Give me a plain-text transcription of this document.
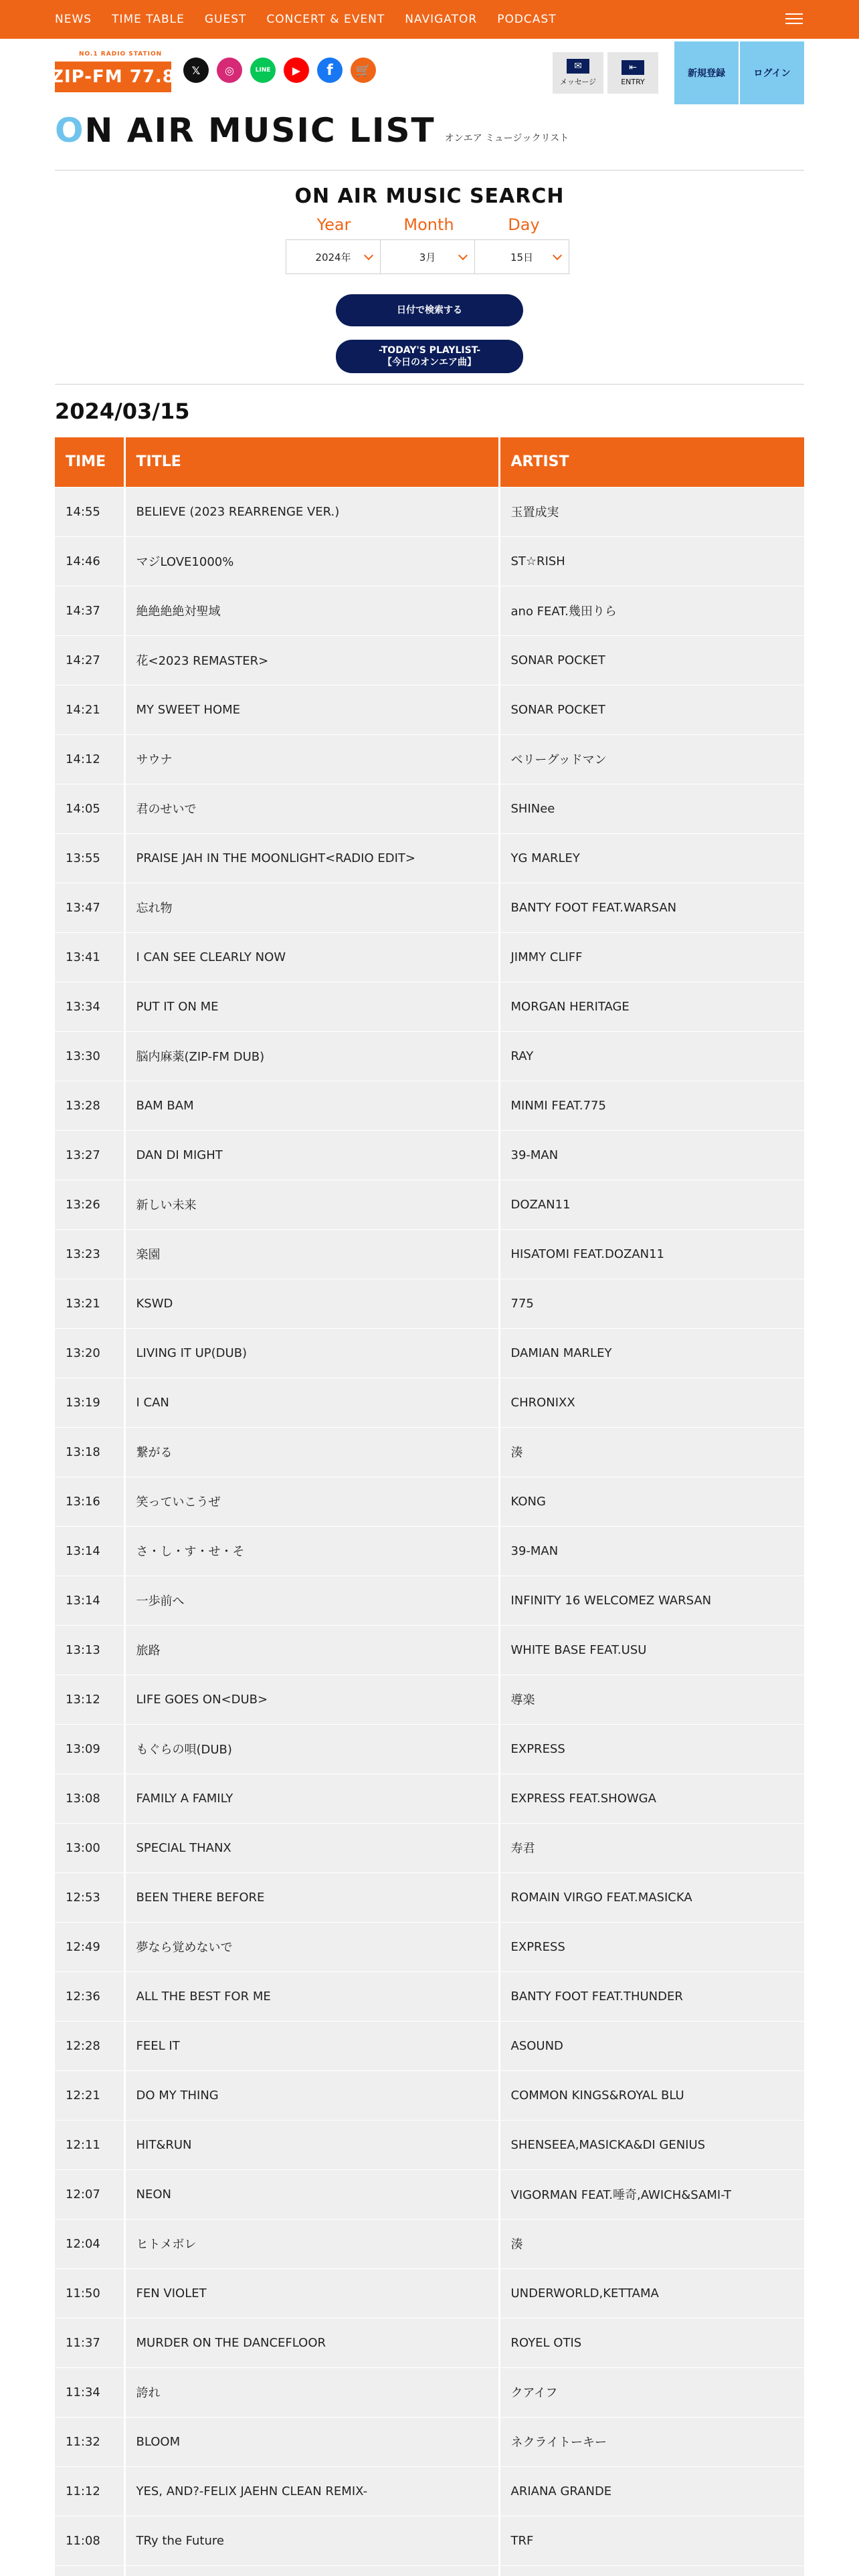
NEWS TIME TABLE GUEST CONCERT & EVENT NAVIGATOR PODCAST
NO.1 RADIO STATION
ZIP-FM 77.8	𝕏	◎	LINE	▶	f	🛒	✉
メッセージ
⇤
ENTRY
新規登録	ログイン
ON AIR MUSIC LIST オンエア ミュージックリスト
ON AIR MUSIC SEARCH
Year	Month	Day
2024年	3月	15日
日付で検索する
-TODAY'S PLAYLIST-
【今日のオンエア曲】
2024/03/15
TIME	TITLE	ARTIST
14:55	BELIEVE (2023 REARRENGE VER.)	玉置成実
14:46	マジLOVE1000%	ST☆RISH
14:37	絶絶絶絶対聖域	ano FEAT.幾田りら
14:27	花<2023 REMASTER>	SONAR POCKET
14:21	MY SWEET HOME	SONAR POCKET
14:12	サウナ	ベリーグッドマン
14:05	君のせいで	SHINee
13:55	PRAISE JAH IN THE MOONLIGHT<RADIO EDIT>	YG MARLEY
13:47	忘れ物	BANTY FOOT FEAT.WARSAN
13:41	I CAN SEE CLEARLY NOW	JIMMY CLIFF
13:34	PUT IT ON ME	MORGAN HERITAGE
13:30	脳内麻薬(ZIP-FM DUB)	RAY
13:28	BAM BAM	MINMI FEAT.775
13:27	DAN DI MIGHT	39-MAN
13:26	新しい未来	DOZAN11
13:23	楽園	HISATOMI FEAT.DOZAN11
13:21	KSWD	775
13:20	LIVING IT UP(DUB)	DAMIAN MARLEY
13:19	I CAN	CHRONIXX
13:18	繋がる	湊
13:16	笑っていこうぜ	KONG
13:14	さ・し・す・せ・そ	39-MAN
13:14	一歩前へ	INFINITY 16 WELCOMEZ WARSAN
13:13	旅路	WHITE BASE FEAT.USU
13:12	LIFE GOES ON<DUB>	導楽
13:09	もぐらの唄(DUB)	EXPRESS
13:08	FAMILY A FAMILY	EXPRESS FEAT.SHOWGA
13:00	SPECIAL THANX	寿君
12:53	BEEN THERE BEFORE	ROMAIN VIRGO FEAT.MASICKA
12:49	夢なら覚めないで	EXPRESS
12:36	ALL THE BEST FOR ME	BANTY FOOT FEAT.THUNDER
12:28	FEEL IT	ASOUND
12:21	DO MY THING	COMMON KINGS&ROYAL BLU
12:11	HIT&RUN	SHENSEEA,MASICKA&DI GENIUS
12:07	NEON	VIGORMAN FEAT.唾奇,AWICH&SAMI-T
12:04	ヒトメボレ	湊
11:50	FEN VIOLET	UNDERWORLD,KETTAMA
11:37	MURDER ON THE DANCEFLOOR	ROYEL OTIS
11:34	誇れ	クアイフ
11:32	BLOOM	ネクライトーキー
11:12	YES, AND?-FELIX JAEHN CLEAN REMIX-	ARIANA GRANDE
11:08	TRy the Future	TRF
